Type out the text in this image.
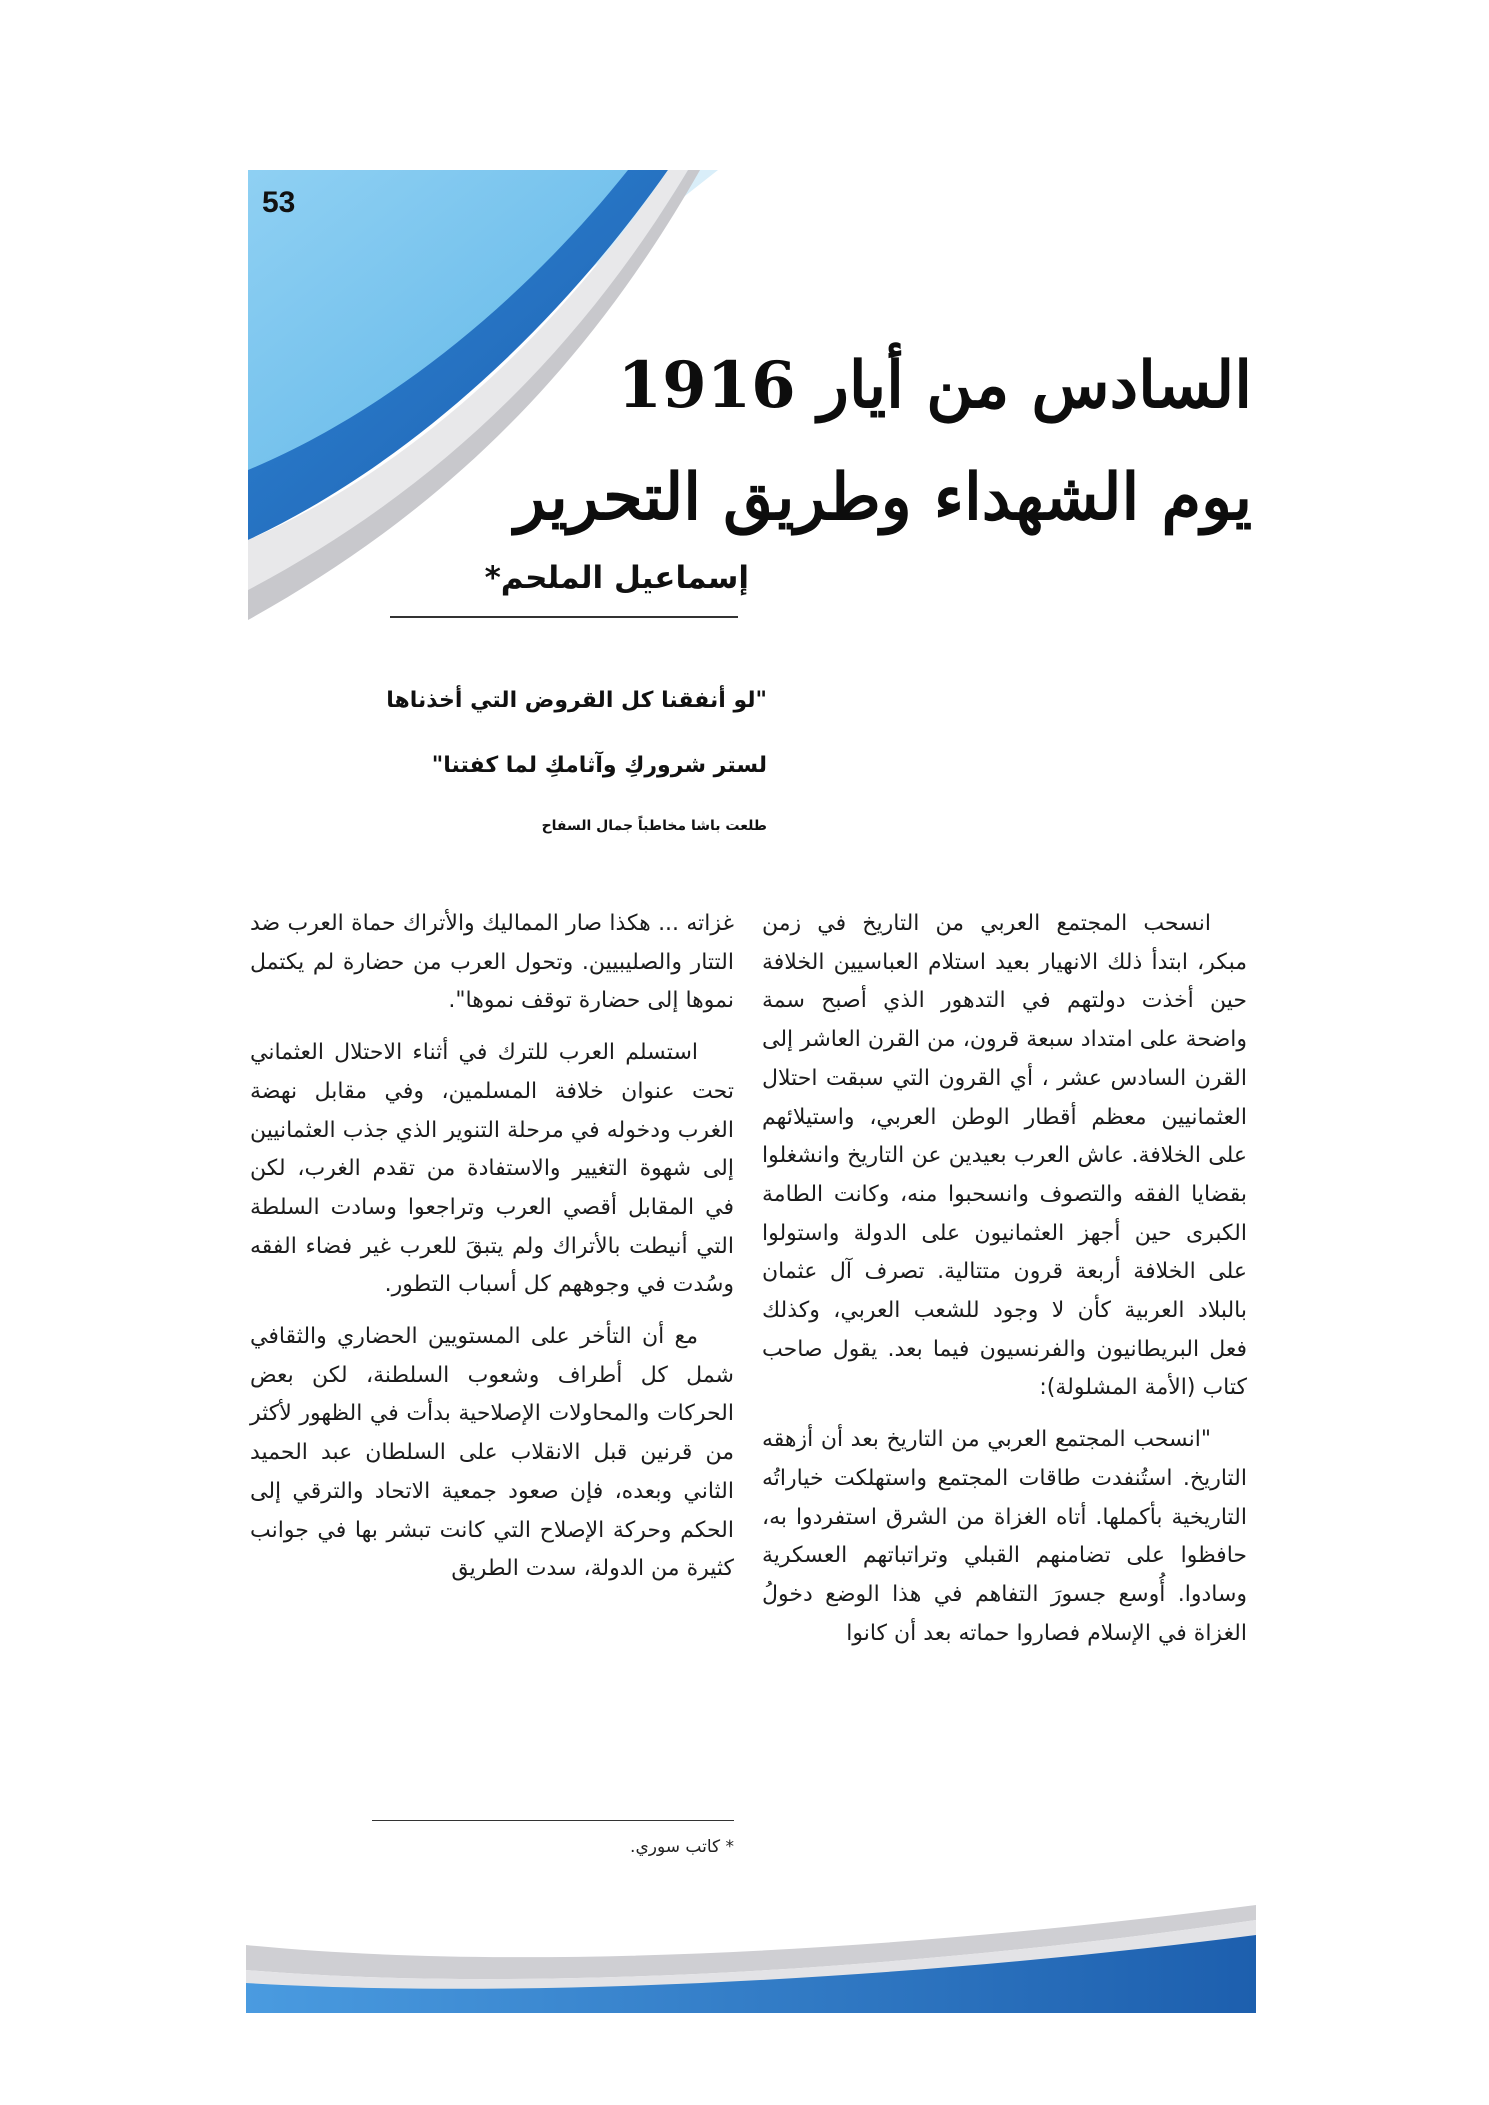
53
السادس من أيار 1916
يوم الشهداء وطريق التحرير
إسماعيل الملحم*
"لو أنفقنا كل القروض التي أخذناها
لستر شروركِ وآثامكِ لما كفتنا"
طلعت باشا مخاطباً جمال السفاح

انسحب المجتمع العربي من التاريخ في زمن مبكر، ابتدأ ذلك الانهيار بعيد استلام العباسيين الخلافة حين أخذت دولتهم في التدهور الذي أصبح سمة واضحة على امتداد سبعة قرون، من القرن العاشر إلى القرن السادس عشر ، أي القرون التي سبقت احتلال العثمانيين معظم أقطار الوطن العربي، واستيلائهم على الخلافة. عاش العرب بعيدين عن التاريخ وانشغلوا بقضايا الفقه والتصوف وانسحبوا منه، وكانت الطامة الكبرى حين أجهز العثمانيون على الدولة واستولوا على الخلافة أربعة قرون متتالية. تصرف آل عثمان بالبلاد العربية كأن لا وجود للشعب العربي، وكذلك فعل البريطانيون والفرنسيون فيما بعد. يقول صاحب كتاب (الأمة المشلولة):

"انسحب المجتمع العربي من التاريخ بعد أن أزهقه التاريخ. استُنفدت طاقات المجتمع واستهلكت خياراتُه التاريخية بأكملها. أتاه الغزاة من الشرق استفردوا به، حافظوا على تضامنهم القبلي وتراتباتهم العسكرية وسادوا. أُوسع جسورَ التفاهم في هذا الوضع دخولُ الغزاة في الإسلام فصاروا حماته بعد أن كانوا

غزاته ... هكذا صار المماليك والأتراك حماة العرب ضد التتار والصليبيين. وتحول العرب من حضارة لم يكتمل نموها إلى حضارة توقف نموها".

استسلم العرب للترك في أثناء الاحتلال العثماني تحت عنوان خلافة المسلمين، وفي مقابل نهضة الغرب ودخوله في مرحلة التنوير الذي جذب العثمانيين إلى شهوة التغيير والاستفادة من تقدم الغرب، لكن في المقابل أقصي العرب وتراجعوا وسادت السلطة التي أنيطت بالأتراك ولم يتبقَ للعرب غير فضاء الفقه وسُدت في وجوههم كل أسباب التطور.

مع أن التأخر على المستويين الحضاري والثقافي شمل كل أطراف وشعوب السلطنة، لكن بعض الحركات والمحاولات الإصلاحية بدأت في الظهور لأكثر من قرنين قبل الانقلاب على السلطان عبد الحميد الثاني وبعده، فإن صعود جمعية الاتحاد والترقي إلى الحكم وحركة الإصلاح التي كانت تبشر بها في جوانب كثيرة من الدولة، سدت الطريق

* كاتب سوري.
